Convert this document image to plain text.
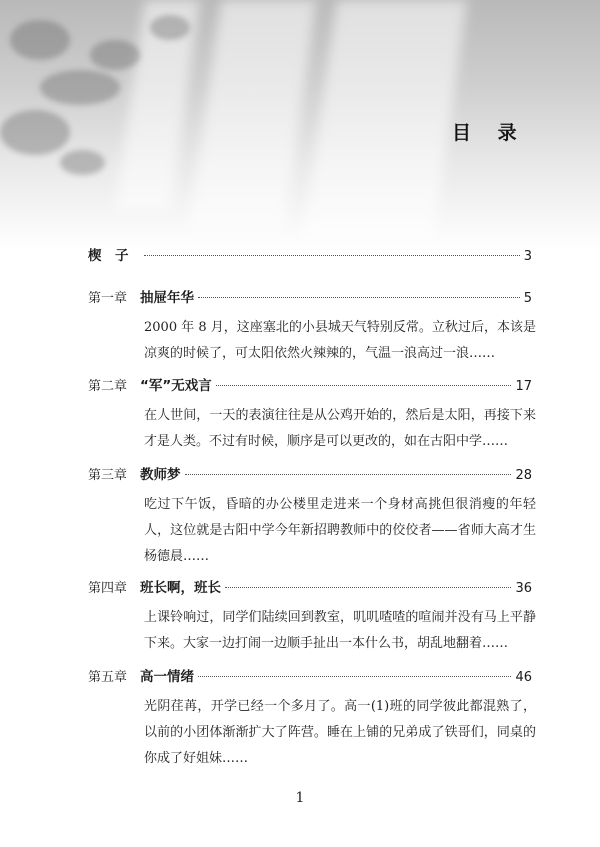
目 录
楔　子	3
第一章 抽屉年华	5
2000 年 8 月，这座塞北的小县城天气特别反常。立秋过后，本该是凉爽的时候了，可太阳依然火辣辣的，气温一浪高过一浪……
第二章 “军”无戏言	17
在人世间，一天的表演往往是从公鸡开始的，然后是太阳，再接下来才是人类。不过有时候，顺序是可以更改的，如在古阳中学……
第三章 教师梦	28
吃过下午饭，昏暗的办公楼里走进来一个身材高挑但很消瘦的年轻人，这位就是古阳中学今年新招聘教师中的佼佼者——省师大高才生杨德晨……
第四章 班长啊，班长	36
上课铃响过，同学们陆续回到教室，叽叽喳喳的喧闹并没有马上平静下来。大家一边打闹一边顺手扯出一本什么书，胡乱地翻着……
第五章 高一情绪	46
光阴荏苒，开学已经一个多月了。高一(1)班的同学彼此都混熟了，以前的小团体渐渐扩大了阵营。睡在上铺的兄弟成了铁哥们，同桌的你成了好姐妹……
1
